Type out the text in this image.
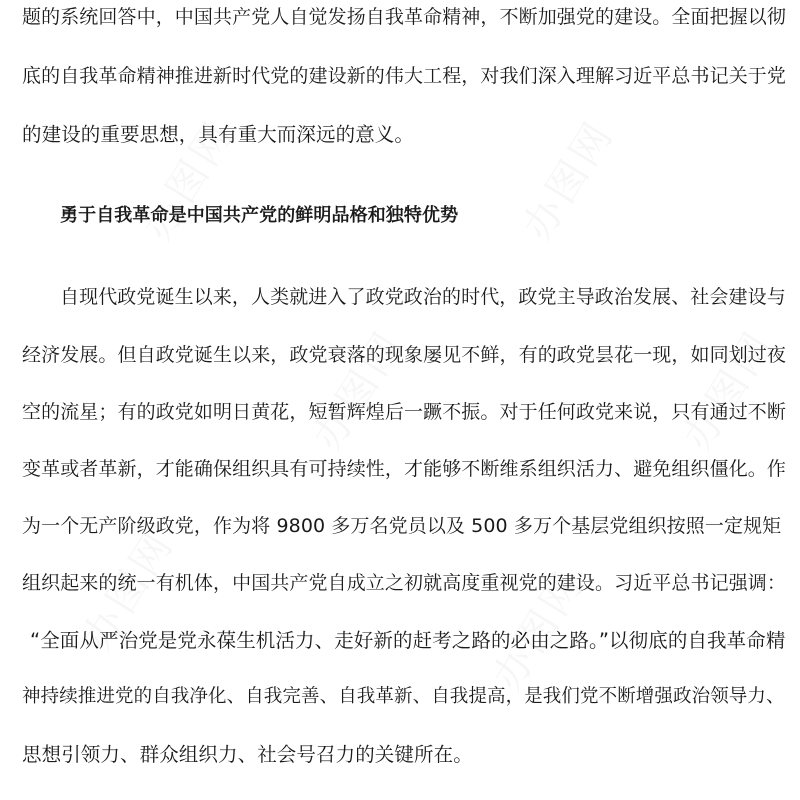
办图网	办图网
办图网	办图网
办图网	办图网
题的系统回答中，中国共产党人自觉发扬自我革命精神，不断加强党的建设。全面把握以彻
底的自我革命精神推进新时代党的建设新的伟大工程，对我们深入理解习近平总书记关于党
的建设的重要思想，具有重大而深远的意义。
勇于自我革命是中国共产党的鲜明品格和独特优势
自现代政党诞生以来，人类就进入了政党政治的时代，政党主导政治发展、社会建设与
经济发展。但自政党诞生以来，政党衰落的现象屡见不鲜，有的政党昙花一现，如同划过夜
空的流星；有的政党如明日黄花，短暂辉煌后一蹶不振。对于任何政党来说，只有通过不断
变革或者革新，才能确保组织具有可持续性，才能够不断维系组织活力、避免组织僵化。作
为一个无产阶级政党，作为将 9800 多万名党员以及 500 多万个基层党组织按照一定规矩
组织起来的统一有机体，中国共产党自成立之初就高度重视党的建设。习近平总书记强调：
“全面从严治党是党永葆生机活力、走好新的赶考之路的必由之路。”以彻底的自我革命精
神持续推进党的自我净化、自我完善、自我革新、自我提高，是我们党不断增强政治领导力、
思想引领力、群众组织力、社会号召力的关键所在。
